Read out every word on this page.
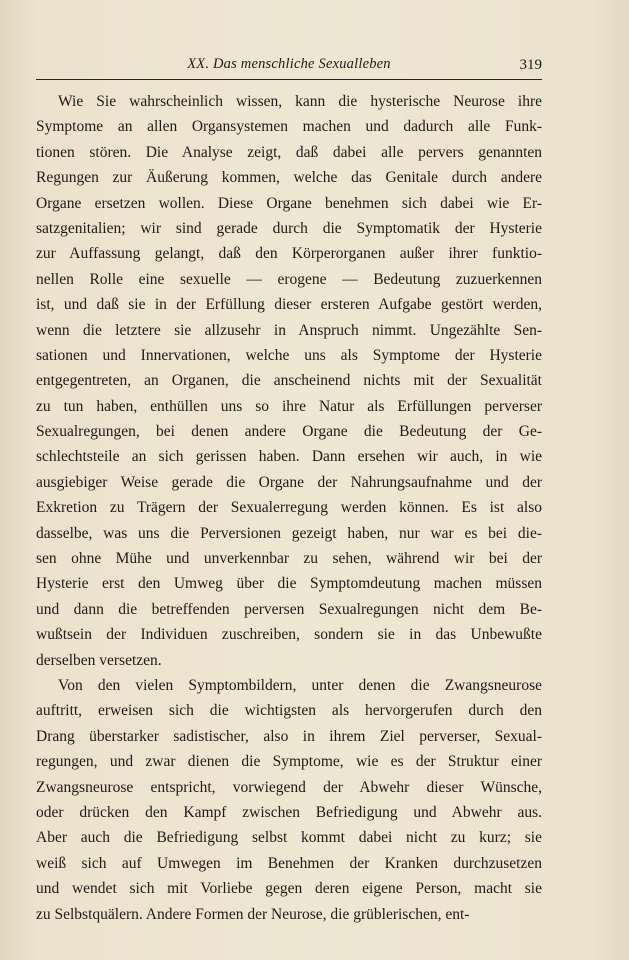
XX. Das menschliche Sexualleben	319
Wie Sie wahrscheinlich wissen, kann die hysterische Neurose ihre
Symptome an allen Organsystemen machen und dadurch alle Funk-
tionen stören. Die Analyse zeigt, daß dabei alle pervers genannten
Regungen zur Äußerung kommen, welche das Genitale durch andere
Organe ersetzen wollen. Diese Organe benehmen sich dabei wie Er-
satzgenitalien; wir sind gerade durch die Symptomatik der Hysterie
zur Auffassung gelangt, daß den Körperorganen außer ihrer funktio-
nellen Rolle eine sexuelle — erogene — Bedeutung zuzuerkennen
ist, und daß sie in der Erfüllung dieser ersteren Aufgabe gestört werden,
wenn die letztere sie allzusehr in Anspruch nimmt. Ungezählte Sen-
sationen und Innervationen, welche uns als Symptome der Hysterie
entgegentreten, an Organen, die anscheinend nichts mit der Sexualität
zu tun haben, enthüllen uns so ihre Natur als Erfüllungen perverser
Sexualregungen, bei denen andere Organe die Bedeutung der Ge-
schlechtsteile an sich gerissen haben. Dann ersehen wir auch, in wie
ausgiebiger Weise gerade die Organe der Nahrungsaufnahme und der
Exkretion zu Trägern der Sexualerregung werden können. Es ist also
dasselbe, was uns die Perversionen gezeigt haben, nur war es bei die-
sen ohne Mühe und unverkennbar zu sehen, während wir bei der
Hysterie erst den Umweg über die Symptomdeutung machen müssen
und dann die betreffenden perversen Sexualregungen nicht dem Be-
wußtsein der Individuen zuschreiben, sondern sie in das Unbewußte
derselben versetzen.
Von den vielen Symptombildern, unter denen die Zwangsneurose
auftritt, erweisen sich die wichtigsten als hervorgerufen durch den
Drang überstarker sadistischer, also in ihrem Ziel perverser, Sexual-
regungen, und zwar dienen die Symptome, wie es der Struktur einer
Zwangsneurose entspricht, vorwiegend der Abwehr dieser Wünsche,
oder drücken den Kampf zwischen Befriedigung und Abwehr aus.
Aber auch die Befriedigung selbst kommt dabei nicht zu kurz; sie
weiß sich auf Umwegen im Benehmen der Kranken durchzusetzen
und wendet sich mit Vorliebe gegen deren eigene Person, macht sie
zu Selbstquälern. Andere Formen der Neurose, die grüblerischen, ent-
